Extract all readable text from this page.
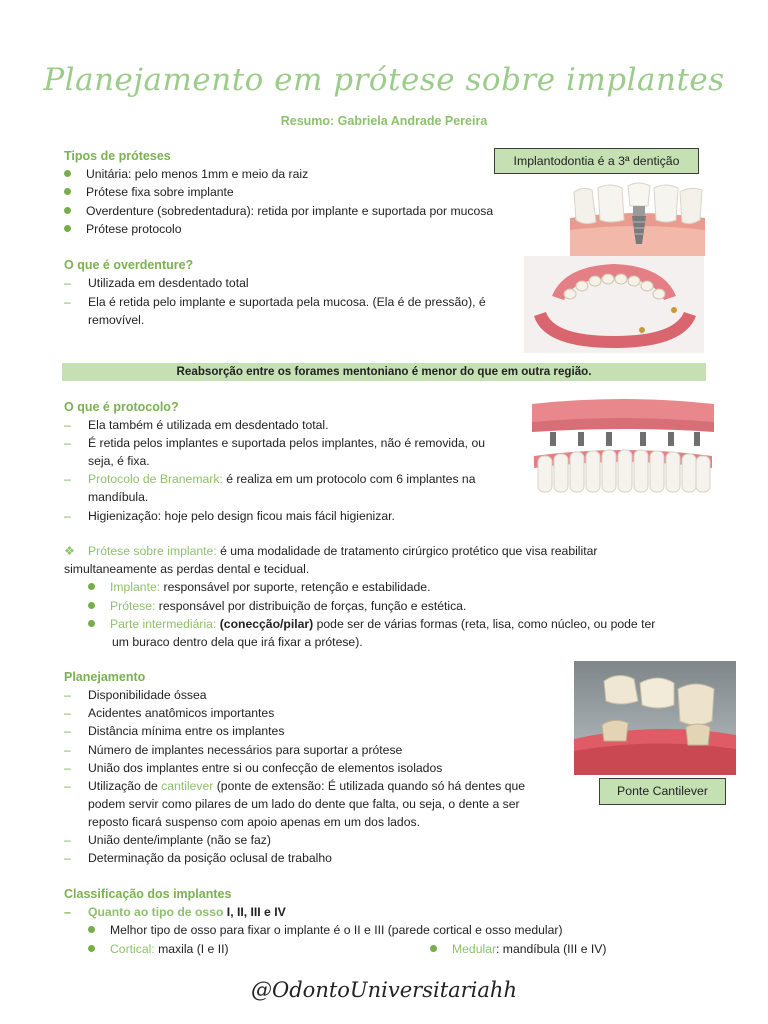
Planejamento em prótese sobre implantes
Resumo: Gabriela Andrade Pereira
Tipos de próteses
Unitária: pelo menos 1mm e meio da raiz
Prótese fixa sobre implante
Overdenture (sobredentadura): retida por implante e suportada por mucosa
Prótese protocolo
Implantodontia é a 3ª dentição
O que é overdenture?
– Utilizada em desdentado total
– Ela é retida pelo implante e suportada pela mucosa. (Ela é de pressão), é
removível.
Reabsorção entre os forames mentoniano é menor do que em outra região.
O que é protocolo?
– Ela também é utilizada em desdentado total.
– É retida pelos implantes e suportada pelos implantes, não é removida, ou
seja, é fixa.
– Protocolo de Branemark: é realiza em um protocolo com 6 implantes na
mandíbula.
– Higienização: hoje pelo design ficou mais fácil higienizar.
❖ Prótese sobre implante: é uma modalidade de tratamento cirúrgico protético que visa reabilitar
simultaneamente as perdas dental e tecidual.
Implante: responsável por suporte, retenção e estabilidade.
Prótese: responsável por distribuição de forças, função e estética.
Parte intermediária: (conecção/pilar) pode ser de várias formas (reta, lisa, como núcleo, ou pode ter
um buraco dentro dela que irá fixar a prótese).
Planejamento
– Disponibilidade óssea
– Acidentes anatômicos importantes
– Distância mínima entre os implantes
– Número de implantes necessários para suportar a prótese
– União dos implantes entre si ou confecção de elementos isolados
– Utilização de cantilever (ponte de extensão: É utilizada quando só há dentes que
podem servir como pilares de um lado do dente que falta, ou seja, o dente a ser
reposto ficará suspenso com apoio apenas em um dos lados.
– União dente/implante (não se faz)
– Determinação da posição oclusal de trabalho
Ponte Cantilever
Classificação dos implantes
– Quanto ao tipo de osso I, II, III e IV
Melhor tipo de osso para fixar o implante é o II e III (parede cortical e osso medular)
Cortical: maxila (I e II)	Medular: mandíbula (III e IV)
@OdontoUniversitariahh
